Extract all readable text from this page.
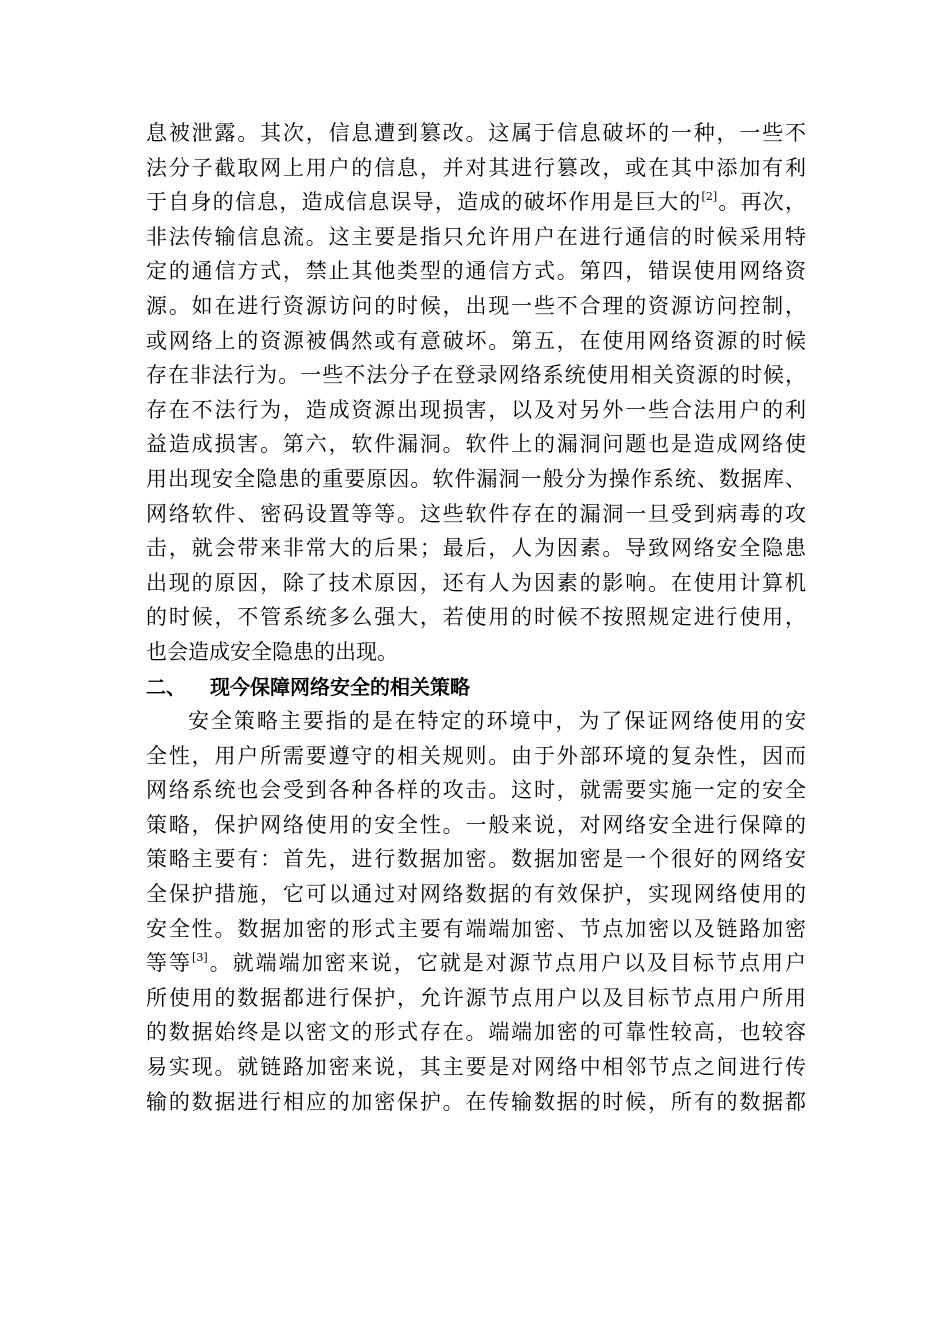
息被泄露。其次，信息遭到篡改。这属于信息破坏的一种，一些不
法分子截取网上用户的信息，并对其进行篡改，或在其中添加有利
于自身的信息，造成信息误导，造成的破坏作用是巨大的[2]。再次，
非法传输信息流。这主要是指只允许用户在进行通信的时候采用特
定的通信方式，禁止其他类型的通信方式。第四，错误使用网络资
源。如在进行资源访问的时候，出现一些不合理的资源访问控制，
或网络上的资源被偶然或有意破坏。第五，在使用网络资源的时候
存在非法行为。一些不法分子在登录网络系统使用相关资源的时候，
存在不法行为，造成资源出现损害，以及对另外一些合法用户的利
益造成损害。第六，软件漏洞。软件上的漏洞问题也是造成网络使
用出现安全隐患的重要原因。软件漏洞一般分为操作系统、数据库、
网络软件、密码设置等等。这些软件存在的漏洞一旦受到病毒的攻
击，就会带来非常大的后果；最后，人为因素。导致网络安全隐患
出现的原因，除了技术原因，还有人为因素的影响。在使用计算机
的时候，不管系统多么强大，若使用的时候不按照规定进行使用，
也会造成安全隐患的出现。
二、 现今保障网络安全的相关策略
安全策略主要指的是在特定的环境中，为了保证网络使用的安
全性，用户所需要遵守的相关规则。由于外部环境的复杂性，因而
网络系统也会受到各种各样的攻击。这时，就需要实施一定的安全
策略，保护网络使用的安全性。一般来说，对网络安全进行保障的
策略主要有：首先，进行数据加密。数据加密是一个很好的网络安
全保护措施，它可以通过对网络数据的有效保护，实现网络使用的
安全性。数据加密的形式主要有端端加密、节点加密以及链路加密
等等[3]。就端端加密来说，它就是对源节点用户以及目标节点用户
所使用的数据都进行保护，允许源节点用户以及目标节点用户所用
的数据始终是以密文的形式存在。端端加密的可靠性较高，也较容
易实现。就链路加密来说，其主要是对网络中相邻节点之间进行传
输的数据进行相应的加密保护。在传输数据的时候，所有的数据都
